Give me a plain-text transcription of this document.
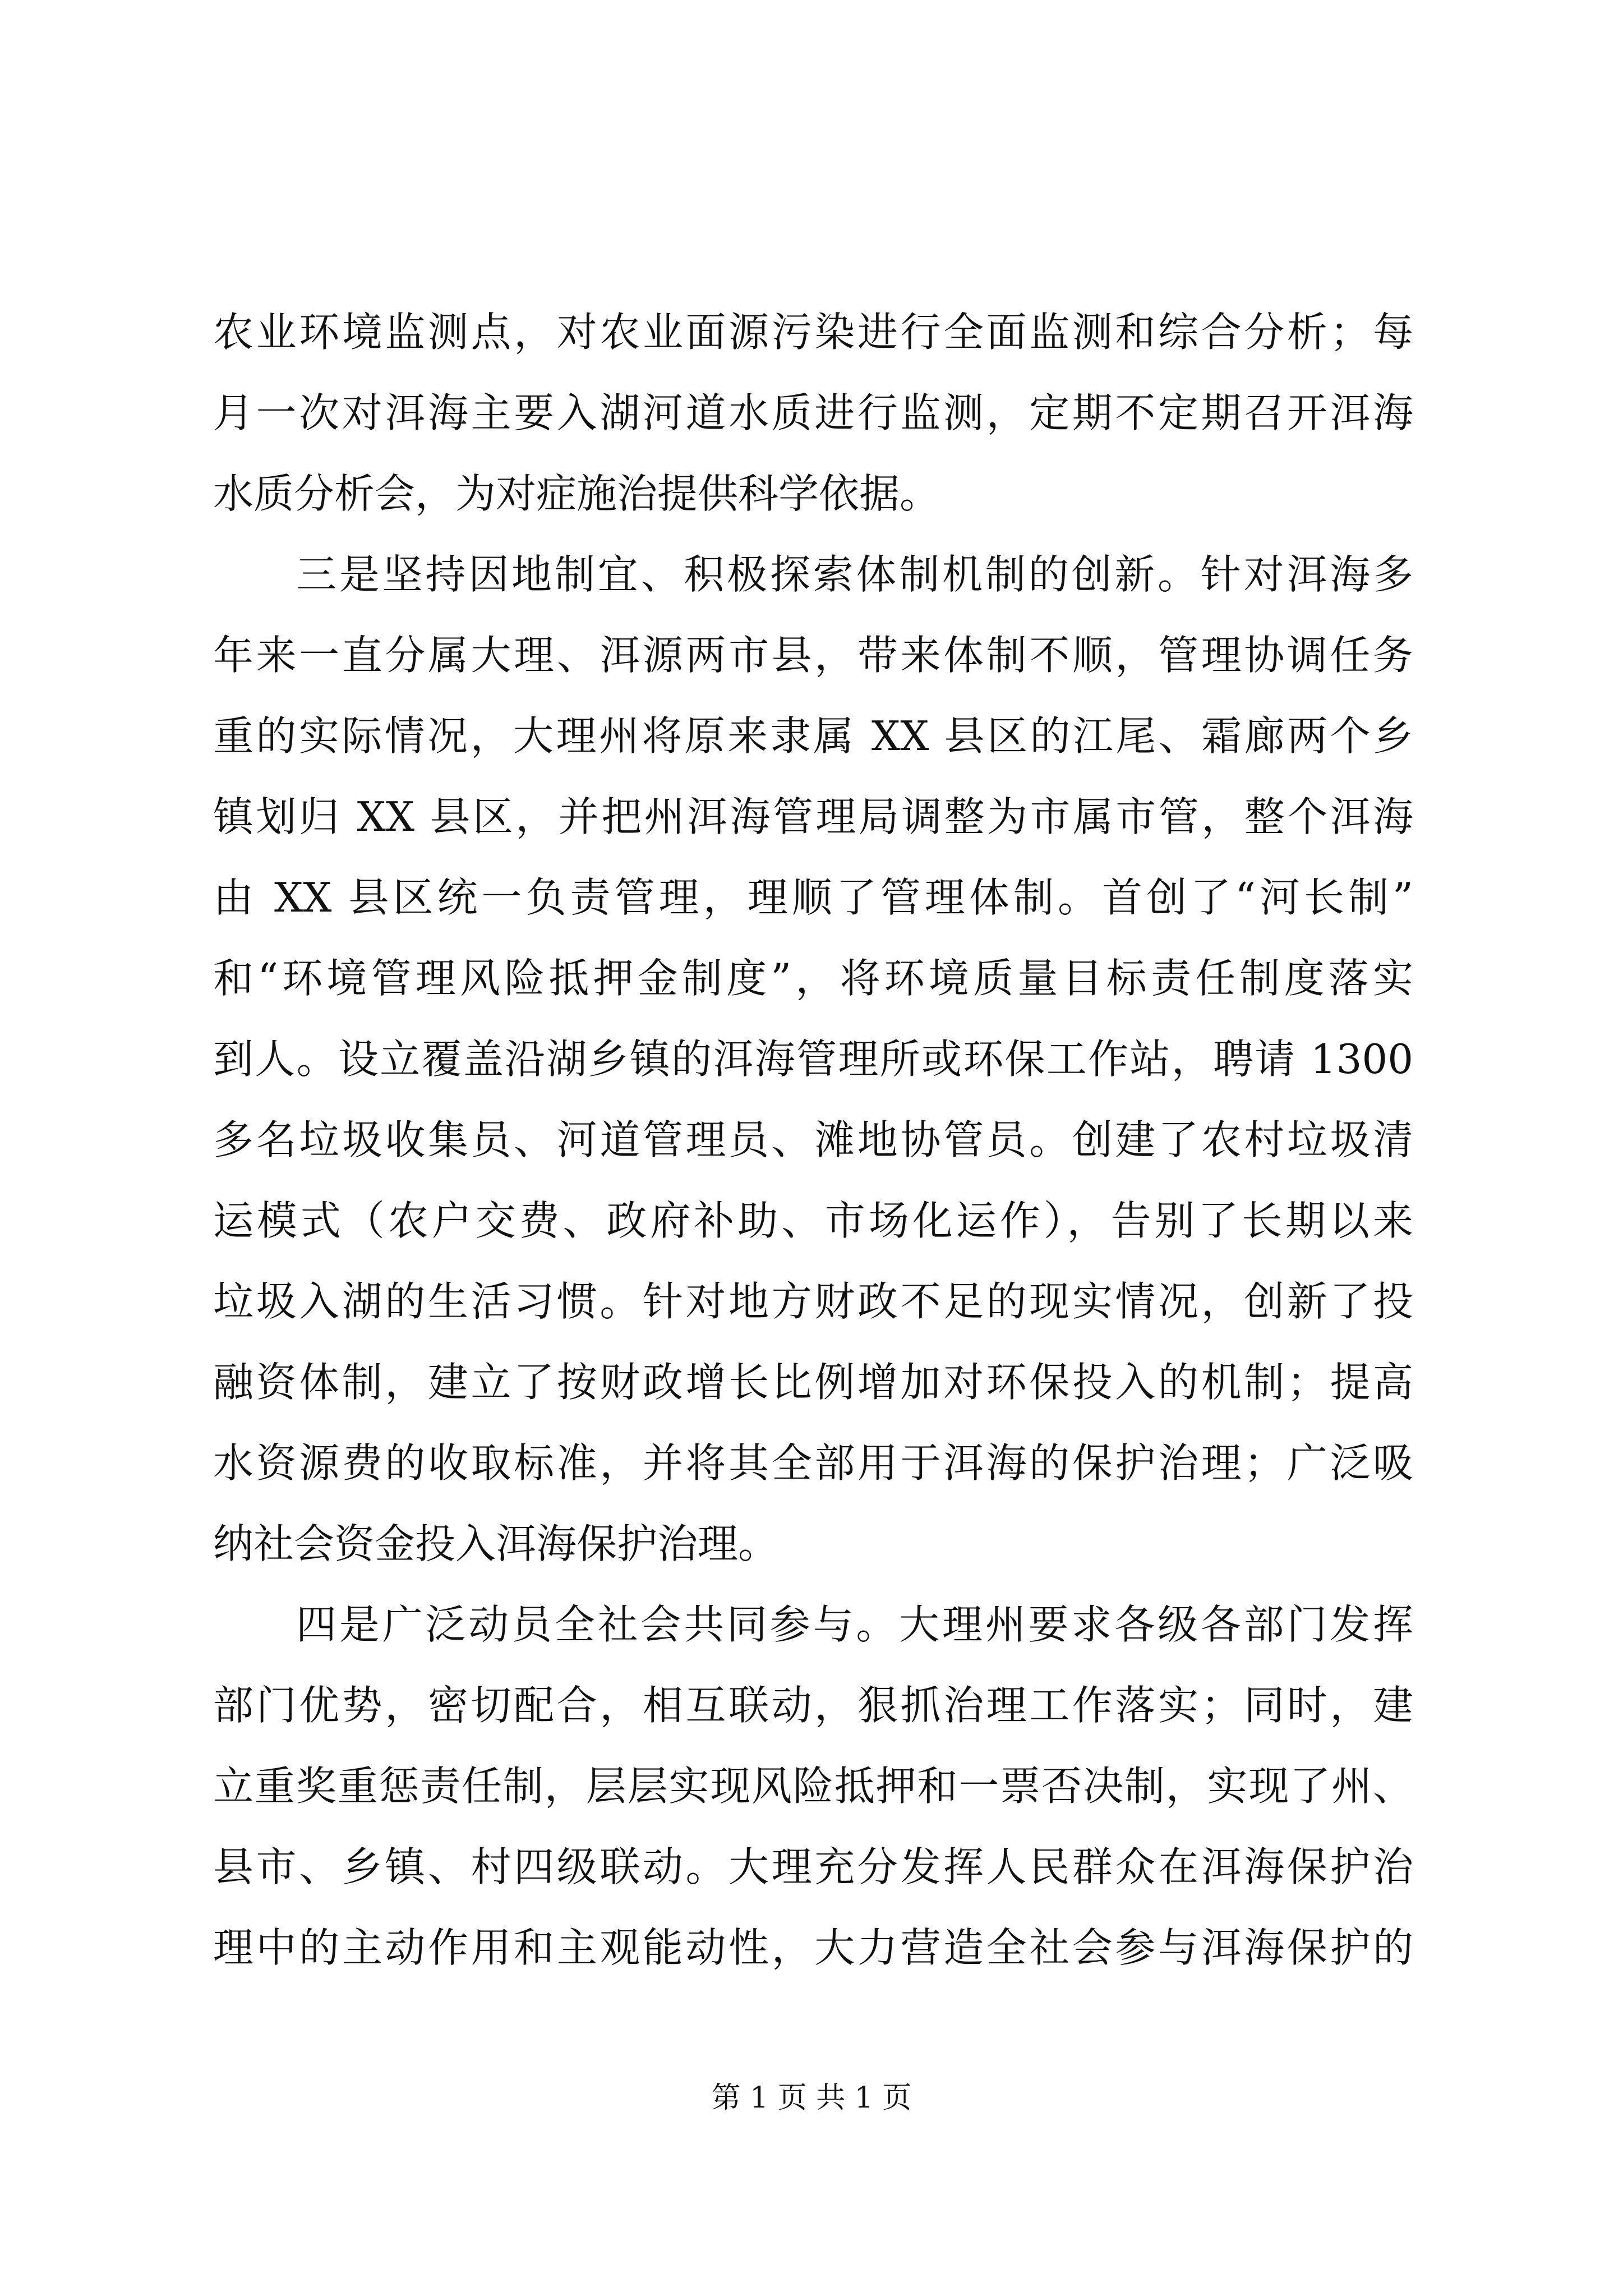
农业环境监测点，对农业面源污染进行全面监测和综合分析；每
月一次对洱海主要入湖河道水质进行监测，定期不定期召开洱海
水质分析会，为对症施治提供科学依据。
三是坚持因地制宜、积极探索体制机制的创新。针对洱海多
年来一直分属大理、洱源两市县，带来体制不顺，管理协调任务
重的实际情况，大理州将原来隶属 XX 县区的江尾、霜廊两个乡
镇划归 XX 县区，并把州洱海管理局调整为市属市管，整个洱海
由 XX 县区统一负责管理，理顺了管理体制。首创了“河长制”
和“环境管理风险抵押金制度”，将环境质量目标责任制度落实
到人。设立覆盖沿湖乡镇的洱海管理所或环保工作站，聘请 1300
多名垃圾收集员、河道管理员、滩地协管员。创建了农村垃圾清
运模式（农户交费、政府补助、市场化运作），告别了长期以来
垃圾入湖的生活习惯。针对地方财政不足的现实情况，创新了投
融资体制，建立了按财政增长比例增加对环保投入的机制；提高
水资源费的收取标准，并将其全部用于洱海的保护治理；广泛吸
纳社会资金投入洱海保护治理。
四是广泛动员全社会共同参与。大理州要求各级各部门发挥
部门优势，密切配合，相互联动，狠抓治理工作落实；同时，建
立重奖重惩责任制，层层实现风险抵押和一票否决制，实现了州、
县市、乡镇、村四级联动。大理充分发挥人民群众在洱海保护治
理中的主动作用和主观能动性，大力营造全社会参与洱海保护的
第 1 页 共 1 页
